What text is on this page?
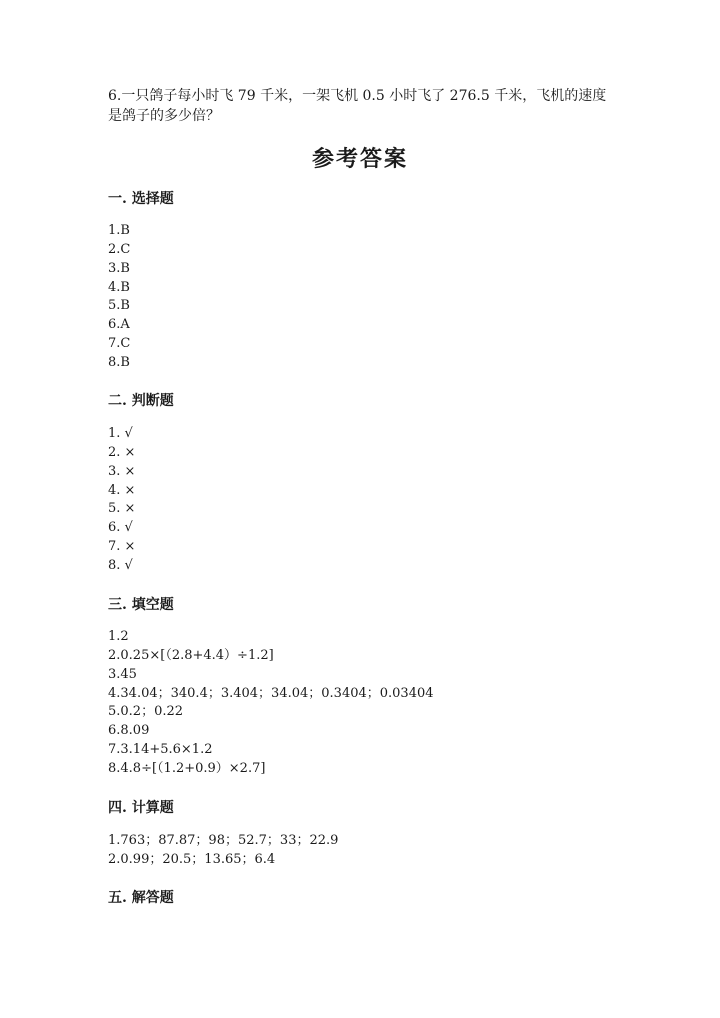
6.一只鸽子每小时飞 79 千米，一架飞机 0.5 小时飞了 276.5 千米，飞机的速度
是鸽子的多少倍？
参考答案
一. 选择题
1.B
2.C
3.B
4.B
5.B
6.A
7.C
8.B
二. 判断题
1. √
2. ×
3. ×
4. ×
5. ×
6. √
7. ×
8. √
三. 填空题
1.2
2.0.25×[（2.8+4.4）÷1.2]
3.45
4.34.04；340.4；3.404；34.04；0.3404；0.03404
5.0.2；0.22
6.8.09
7.3.14+5.6×1.2
8.4.8÷[（1.2+0.9）×2.7]
四. 计算题
1.763；87.87；98；52.7；33；22.9
2.0.99；20.5；13.65；6.4
五. 解答题
